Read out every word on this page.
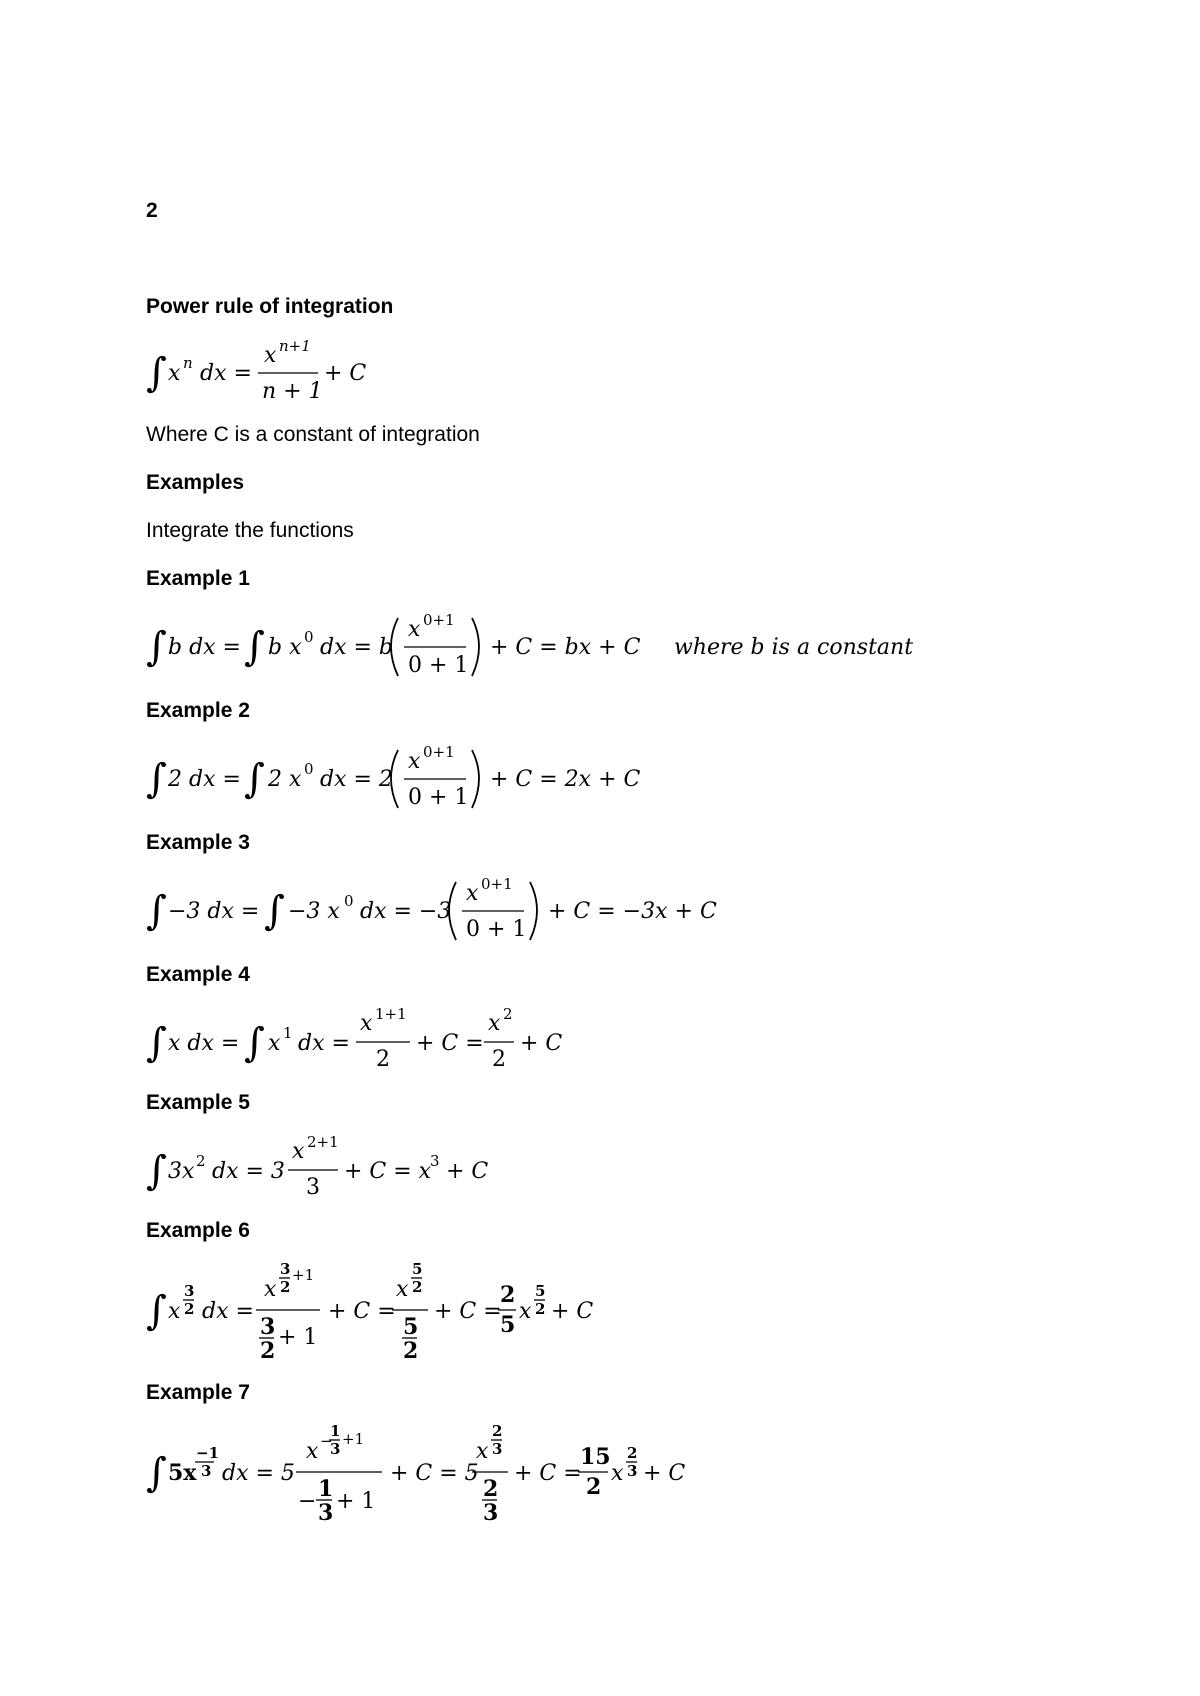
2
Power rule of integration
∫ x n dx =
x n+1
n + 1
+ C
Where C is a constant of integration
Examples
Integrate the functions
Example 1
∫ b dx = ∫ b x 0 dx = b
x 0+1
0 + 1
+ C = bx + C where b is a constant
Example 2
∫ 2 dx = ∫ 2 x 0 dx = 2
x 0+1
0 + 1
+ C = 2x + C
Example 3
∫ −3 dx = ∫ −3 x 0 dx = −3
x 0+1
0 + 1
+ C = −3x + C
Example 4
∫ x dx = ∫ x 1 dx =
x 1+1
2
+ C =
x 2
2
+ C
Example 5
∫ 3x 2 dx = 3
x 2+1
3
+ C = x
3 + C
Example 6
∫ x
3
2 dx =
x
3
2
+1
3
2
+ 1
+ C =
x
5
2
5
2
+ C =
2
5
x
5
2 + C
Example 7
∫ 5x
−1
3 dx = 5
x −
1
3
+1
− 1
3 + 1
+ C = 5
x
2
3
2
3
+ C =
15
2
x
2
3 + C
